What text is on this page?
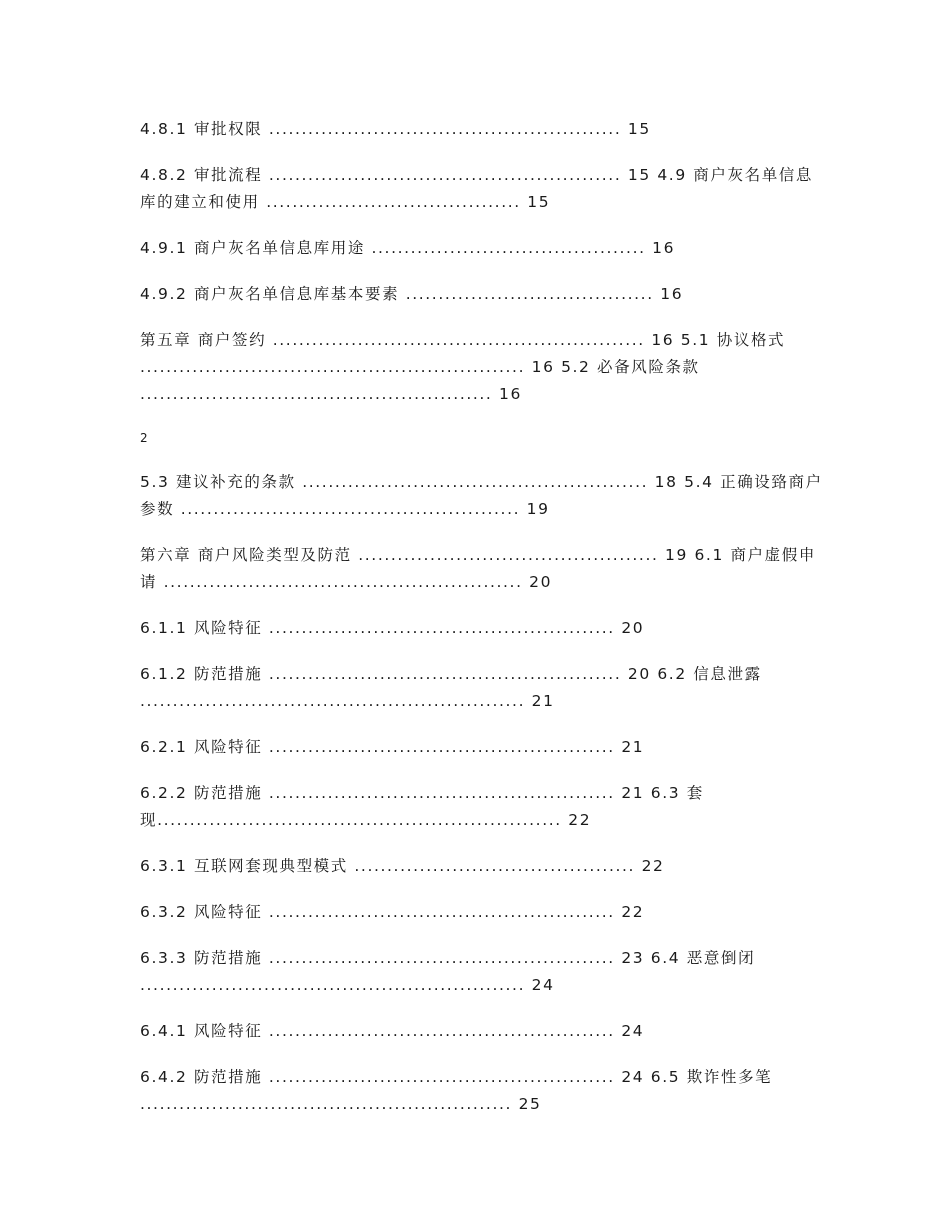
4.8.1 审批权限 ...................................................... 15
4.8.2 审批流程 ...................................................... 15 4.9 商户灰名单信息
库的建立和使用 ....................................... 15
4.9.1 商户灰名单信息库用途 .......................................... 16
4.9.2 商户灰名单信息库基本要素 ...................................... 16
第五章 商户签约 ......................................................... 16 5.1 协议格式
........................................................... 16 5.2 必备风险条款
...................................................... 16
2
5.3 建议补充的条款 ..................................................... 18 5.4 正确设臵商户
参数 .................................................... 19
第六章 商户风险类型及防范 .............................................. 19 6.1 商户虚假申
请 ....................................................... 20
6.1.1 风险特征 ..................................................... 20
6.1.2 防范措施 ...................................................... 20 6.2 信息泄露
........................................................... 21
6.2.1 风险特征 ..................................................... 21
6.2.2 防范措施 ..................................................... 21 6.3 套
现.............................................................. 22
6.3.1 互联网套现典型模式 ........................................... 22
6.3.2 风险特征 ..................................................... 22
6.3.3 防范措施 ..................................................... 23 6.4 恶意倒闭
........................................................... 24
6.4.1 风险特征 ..................................................... 24
6.4.2 防范措施 ..................................................... 24 6.5 欺诈性多笔
......................................................... 25
